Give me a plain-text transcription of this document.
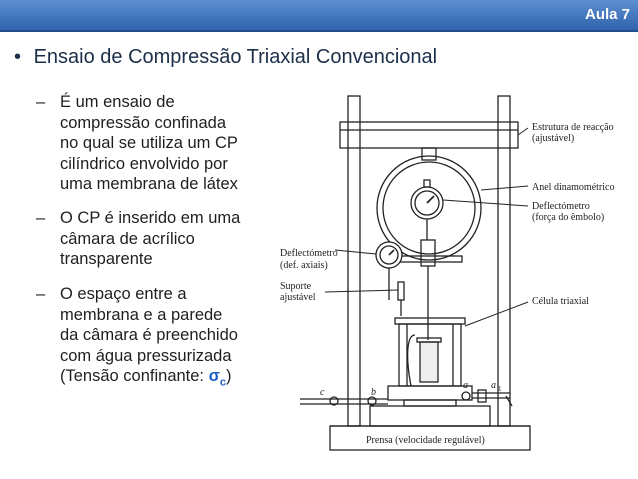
Aula 7
• Ensaio de Compressão Triaxial Convencional
– É um ensaio de
compressão confinada
no qual se utiliza um CP
cilíndrico envolvido por
uma membrana de látex
– O CP é inserido em uma
câmara de acrílico
transparente
– O espaço entre a
membrana e a parede
da câmara é preenchido
com água pressurizada
(Tensão confinante: $\sigma_c$)
Estrutura de reacção
(ajustável)
Anel dinamométrico
Deflectómetro
(força do êmbolo)
Deflectómetro
(def. axiais)
Suporte
ajustável	Célula triaxial
Prensa (velocidade regulável)
c	b
a a 1
